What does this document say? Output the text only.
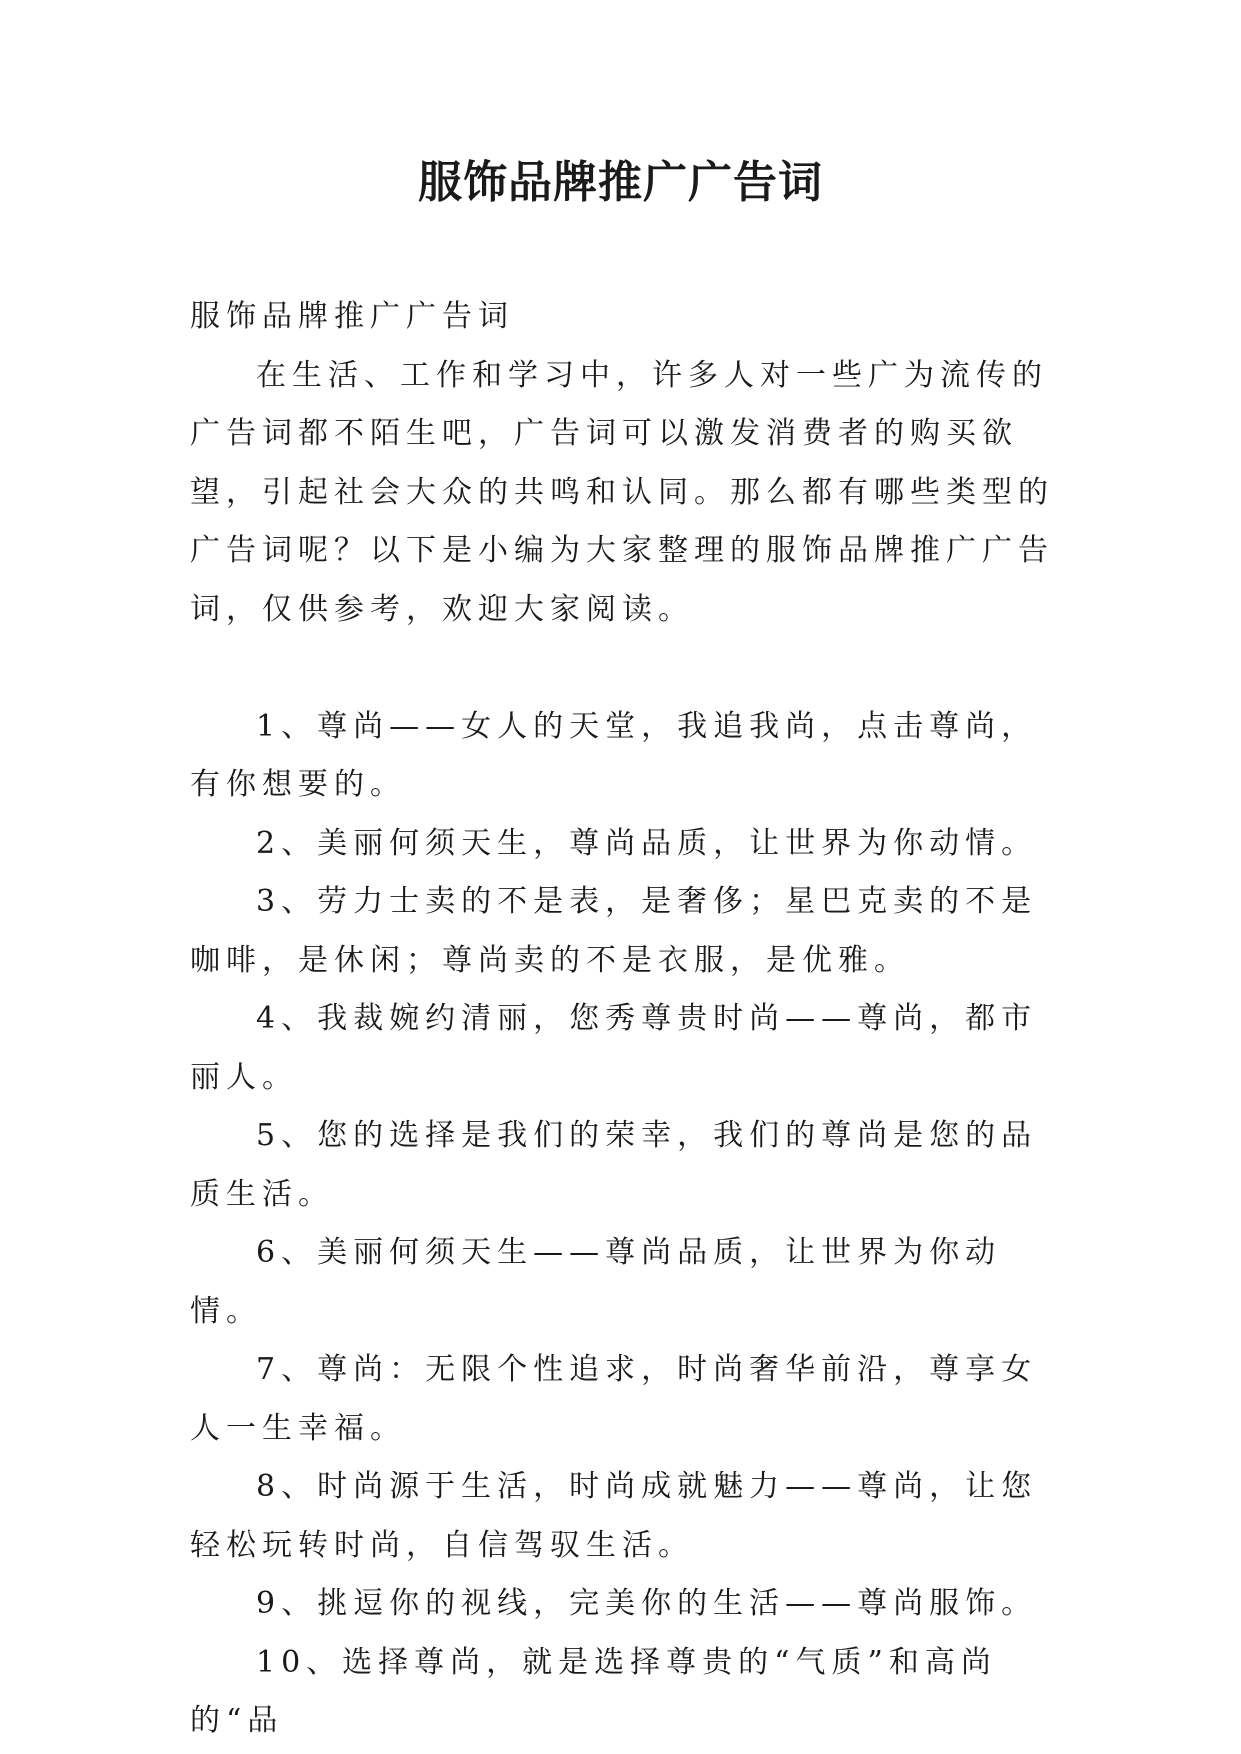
服饰品牌推广广告词

服饰品牌推广广告词

在生活、工作和学习中，许多人对一些广为流传的广告词都不陌生吧，广告词可以激发消费者的购买欲望，引起社会大众的共鸣和认同。那么都有哪些类型的广告词呢？以下是小编为大家整理的服饰品牌推广广告词，仅供参考，欢迎大家阅读。

1、尊尚——女人的天堂，我追我尚，点击尊尚，有你想要的。

2、美丽何须天生，尊尚品质，让世界为你动情。

3、劳力士卖的不是表，是奢侈；星巴克卖的不是咖啡，是休闲；尊尚卖的不是衣服，是优雅。

4、我裁婉约清丽，您秀尊贵时尚——尊尚，都市丽人。

5、您的选择是我们的荣幸，我们的尊尚是您的品质生活。

6、美丽何须天生——尊尚品质，让世界为你动情。

7、尊尚：无限个性追求，时尚奢华前沿，尊享女人一生幸福。

8、时尚源于生活，时尚成就魅力——尊尚，让您轻松玩转时尚，自信驾驭生活。

9、挑逗你的视线，完美你的生活——尊尚服饰。

10、选择尊尚，就是选择尊贵的“气质”和高尚的“品
